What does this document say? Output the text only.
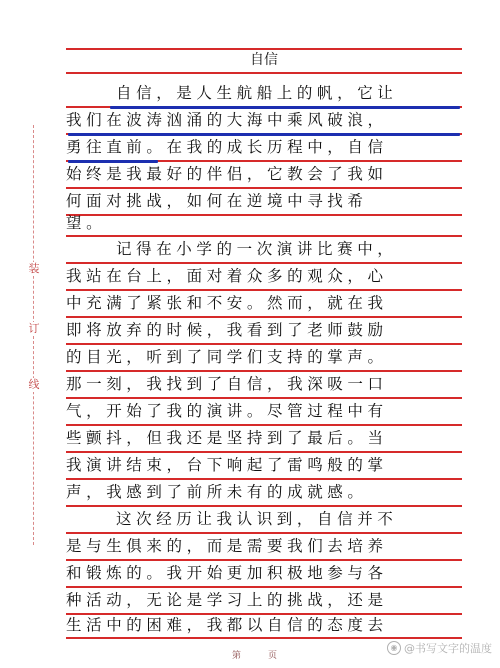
装
订
线
自信
自信，是人生航船上的帆，它让
我们在波涛汹涌的大海中乘风破浪，
勇往直前。在我的成长历程中，自信
始终是我最好的伴侣，它教会了我如
何面对挑战，如何在逆境中寻找希
望。
记得在小学的一次演讲比赛中，
我站在台上，面对着众多的观众，心
中充满了紧张和不安。然而，就在我
即将放弃的时候，我看到了老师鼓励
的目光，听到了同学们支持的掌声。
那一刻，我找到了自信，我深吸一口
气，开始了我的演讲。尽管过程中有
些颤抖，但我还是坚持到了最后。当
我演讲结束，台下响起了雷鸣般的掌
声，我感到了前所未有的成就感。
这次经历让我认识到，自信并不
是与生俱来的，而是需要我们去培养
和锻炼的。我开始更加积极地参与各
种活动，无论是学习上的挑战，还是
生活中的困难，我都以自信的态度去
第	页
◉ @书写文字的温度
